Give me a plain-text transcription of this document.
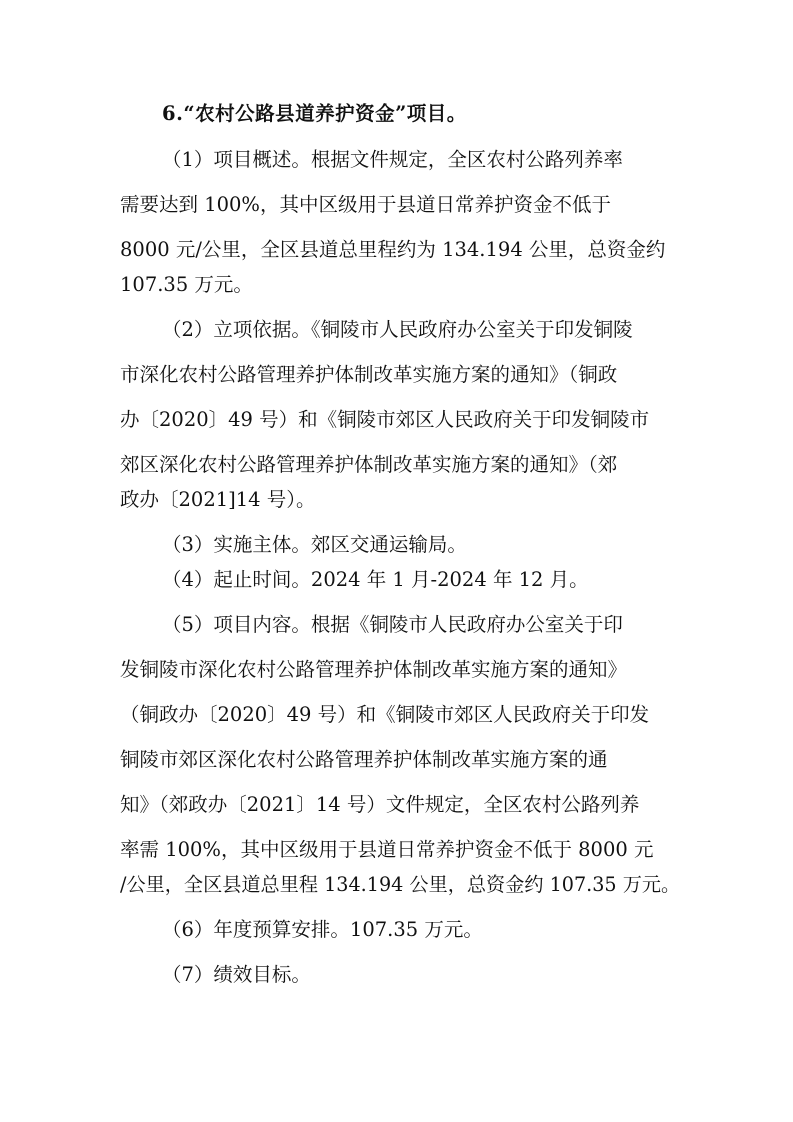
6.“农村公路县道养护资金”项目。
（1）项目概述。根据文件规定，全区农村公路列养率
需要达到 100%，其中区级用于县道日常养护资金不低于
8000 元/公里，全区县道总里程约为 134.194 公里，总资金约
107.35 万元。
（2）立项依据。《铜陵市人民政府办公室关于印发铜陵
市深化农村公路管理养护体制改革实施方案的通知》（铜政
办〔2020〕49 号）和《铜陵市郊区人民政府关于印发铜陵市
郊区深化农村公路管理养护体制改革实施方案的通知》（郊
政办〔2021]14 号）。
（3）实施主体。郊区交通运输局。
（4）起止时间。2024 年 1 月-2024 年 12 月。
（5）项目内容。根据《铜陵市人民政府办公室关于印
发铜陵市深化农村公路管理养护体制改革实施方案的通知》
（铜政办〔2020〕49 号）和《铜陵市郊区人民政府关于印发
铜陵市郊区深化农村公路管理养护体制改革实施方案的通
知》（郊政办〔2021〕14 号）文件规定，全区农村公路列养
率需 100%，其中区级用于县道日常养护资金不低于 8000 元
/公里，全区县道总里程 134.194 公里，总资金约 107.35 万元。
（6）年度预算安排。107.35 万元。
（7）绩效目标。
